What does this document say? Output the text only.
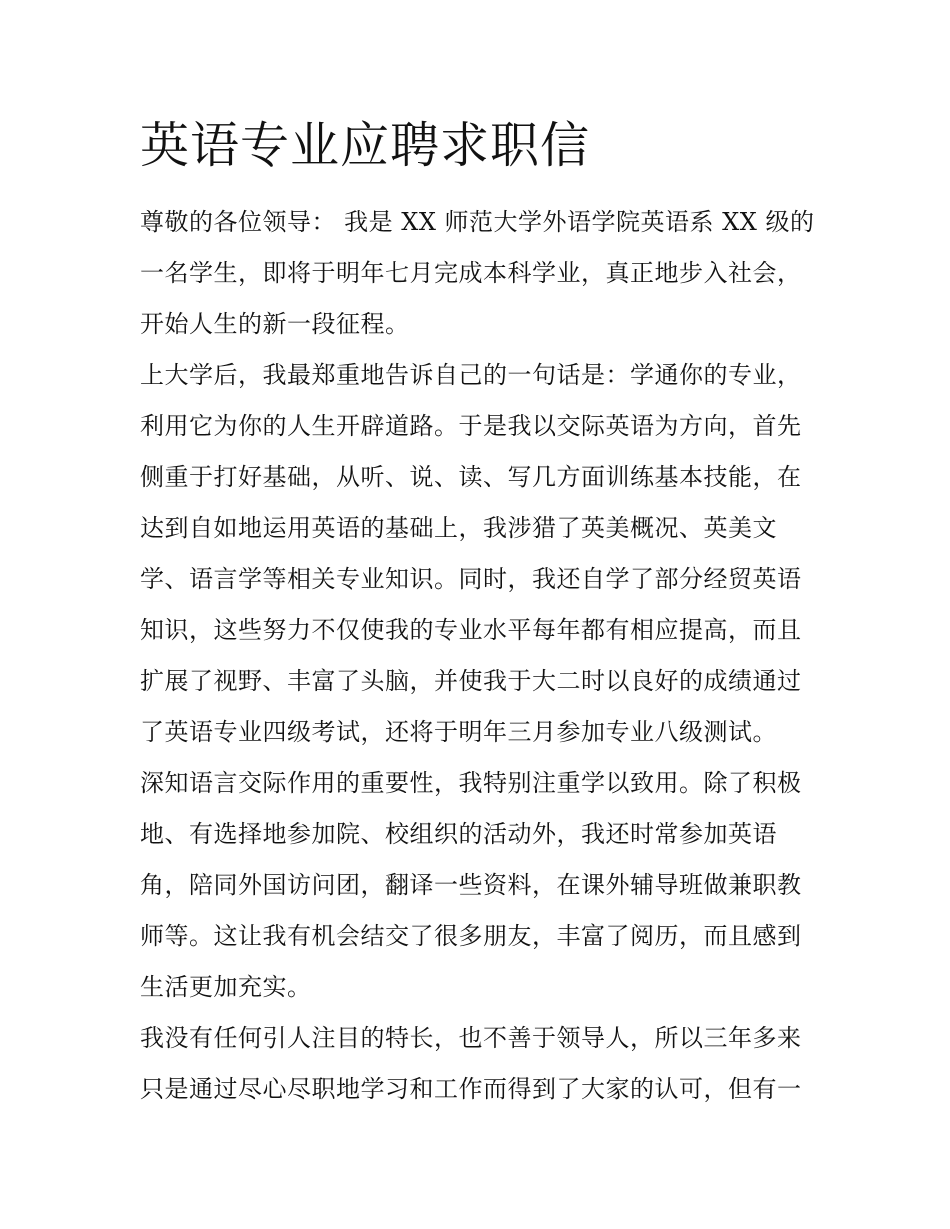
英语专业应聘求职信

尊敬的各位领导： 我是 XX 师范大学外语学院英语系 XX 级的
一名学生，即将于明年七月完成本科学业，真正地步入社会，
开始人生的新一段征程。

上大学后，我最郑重地告诉自己的一句话是：学通你的专业，
利用它为你的人生开辟道路。于是我以交际英语为方向，首先
侧重于打好基础，从听、说、读、写几方面训练基本技能，在
达到自如地运用英语的基础上，我涉猎了英美概况、英美文
学、语言学等相关专业知识。同时，我还自学了部分经贸英语
知识，这些努力不仅使我的专业水平每年都有相应提高，而且
扩展了视野、丰富了头脑，并使我于大二时以良好的成绩通过
了英语专业四级考试，还将于明年三月参加专业八级测试。

深知语言交际作用的重要性，我特别注重学以致用。除了积极
地、有选择地参加院、校组织的活动外，我还时常参加英语
角，陪同外国访问团，翻译一些资料，在课外辅导班做兼职教
师等。这让我有机会结交了很多朋友，丰富了阅历，而且感到
生活更加充实。

我没有任何引人注目的特长，也不善于领导人，所以三年多来
只是通过尽心尽职地学习和工作而得到了大家的认可，但有一
